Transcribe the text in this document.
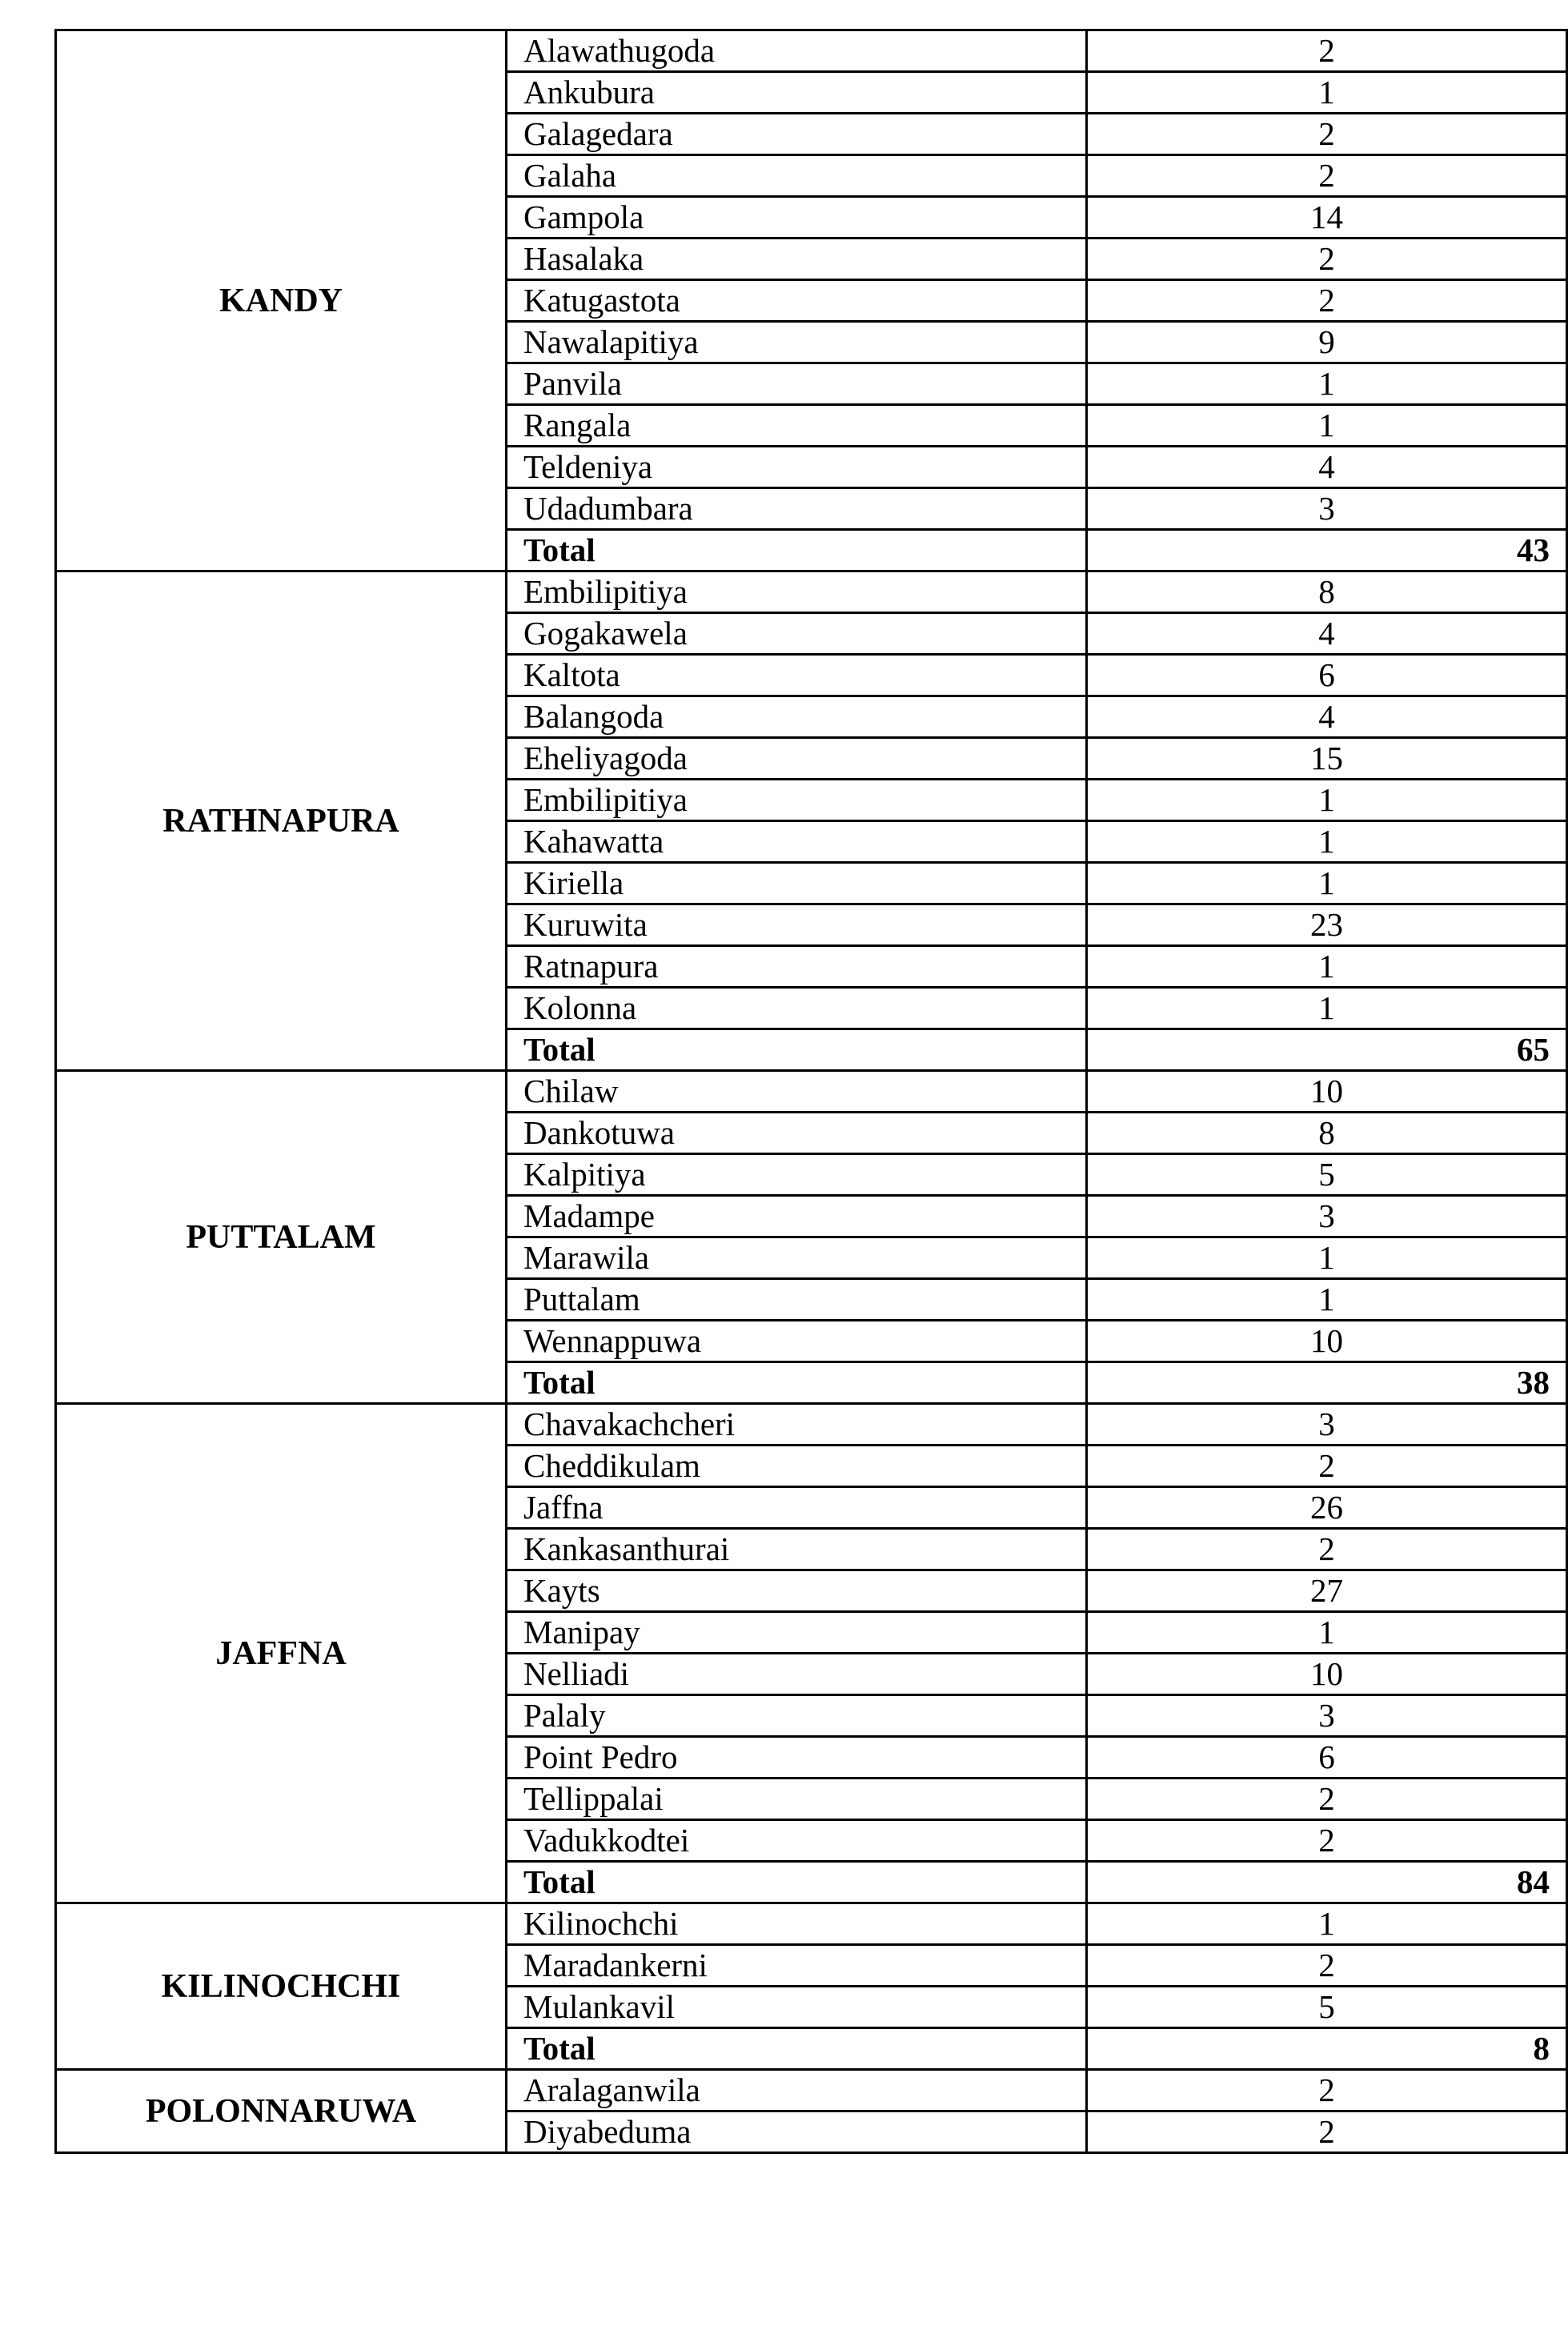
KANDY	Alawathugoda	2
	Ankubura	1
	Galagedara	2
	Galaha	2
	Gampola	14
	Hasalaka	2
	Katugastota	2
	Nawalapitiya	9
	Panvila	1
	Rangala	1
	Teldeniya	4
	Udadumbara	3
	Total	43
RATHNAPURA	Embilipitiya	8
	Gogakawela	4
	Kaltota	6
	Balangoda	4
	Eheliyagoda	15
	Embilipitiya	1
	Kahawatta	1
	Kiriella	1
	Kuruwita	23
	Ratnapura	1
	Kolonna	1
	Total	65
PUTTALAM	Chilaw	10
	Dankotuwa	8
	Kalpitiya	5
	Madampe	3
	Marawila	1
	Puttalam	1
	Wennappuwa	10
	Total	38
JAFFNA	Chavakachcheri	3
	Cheddikulam	2
	Jaffna	26
	Kankasanthurai	2
	Kayts	27
	Manipay	1
	Nelliadi	10
	Palaly	3
	Point Pedro	6
	Tellippalai	2
	Vadukkodtei	2
	Total	84
KILINOCHCHI	Kilinochchi	1
	Maradankerni	2
	Mulankavil	5
	Total	8
POLONNARUWA	Aralaganwila	2
	Diyabeduma	2
